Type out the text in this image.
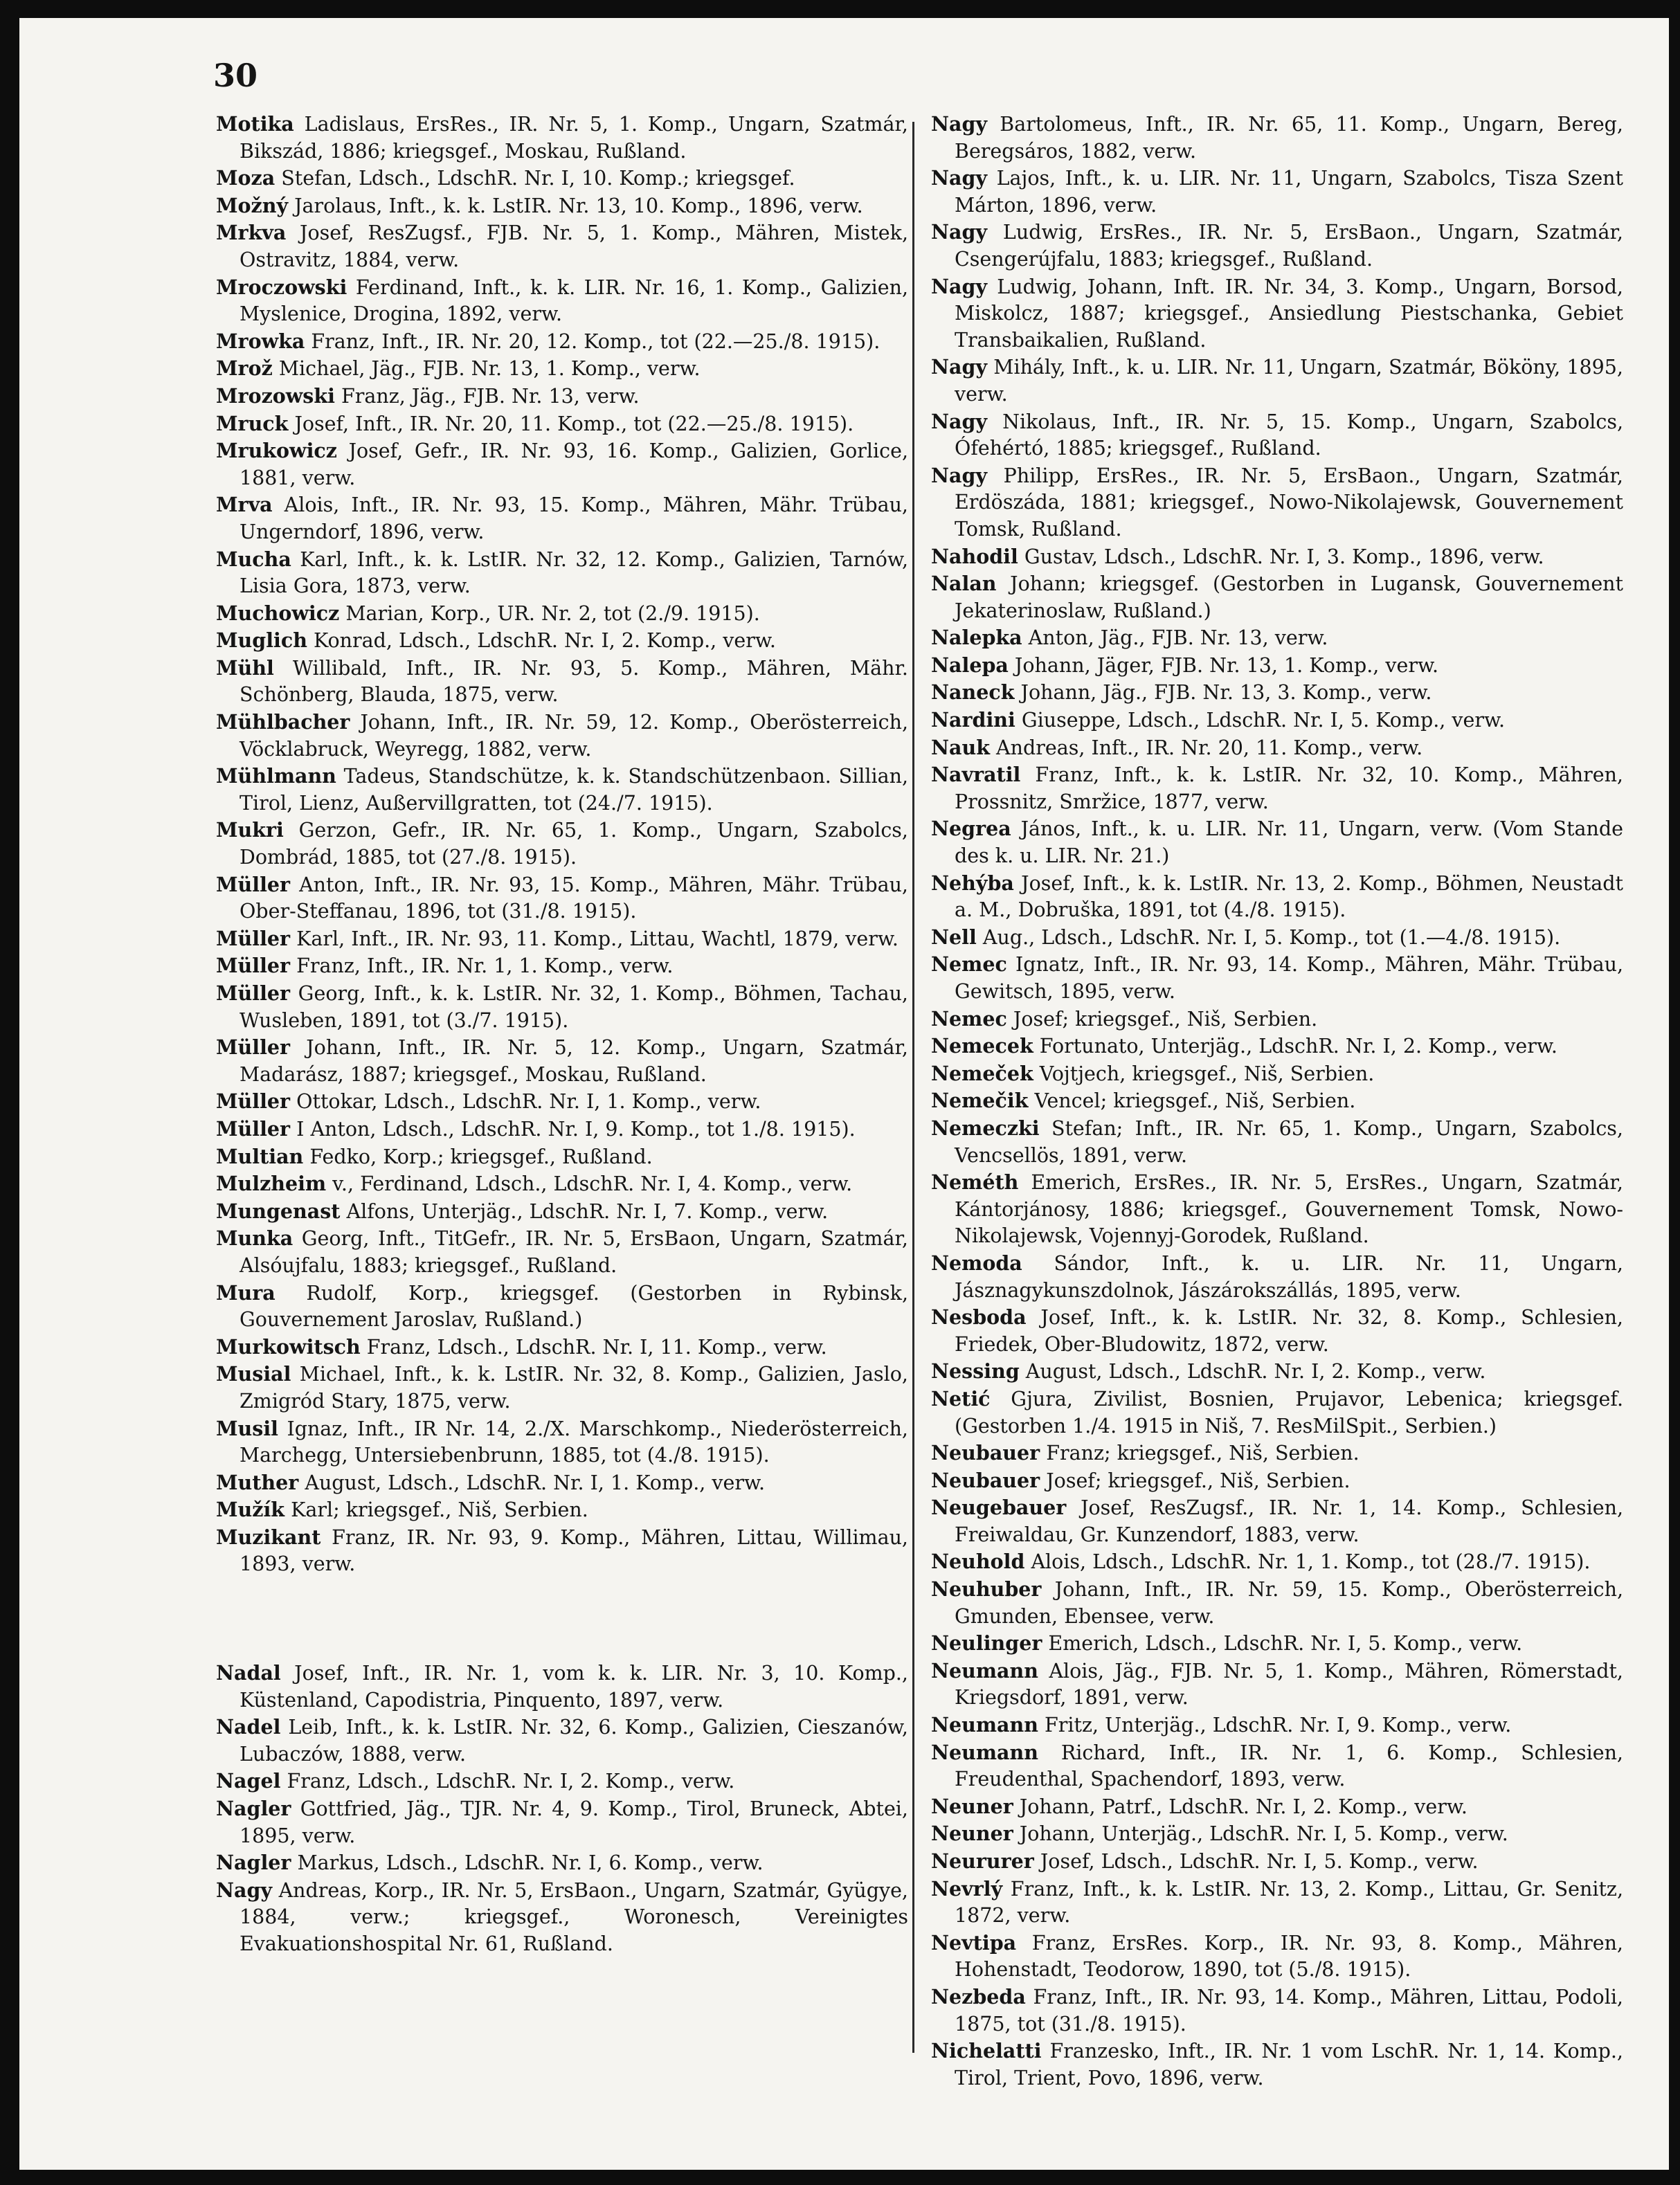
30

Motika Ladislaus, ErsRes., IR. Nr. 5, 1. Komp., Ungarn, Szatmár, Bikszád, 1886; kriegsgef., Moskau, Rußland.

Moza Stefan, Ldsch., LdschR. Nr. I, 10. Komp.; kriegsgef.

Možný Jarolaus, Inft., k. k. LstIR. Nr. 13, 10. Komp., 1896, verw.

Mrkva Josef, ResZugsf., FJB. Nr. 5, 1. Komp., Mähren, Mistek, Ostravitz, 1884, verw.

Mroczowski Ferdinand, Inft., k. k. LIR. Nr. 16, 1. Komp., Galizien, Myslenice, Drogina, 1892, verw.

Mrowka Franz, Inft., IR. Nr. 20, 12. Komp., tot (22.—25./8. 1915).

Mrož Michael, Jäg., FJB. Nr. 13, 1. Komp., verw.

Mrozowski Franz, Jäg., FJB. Nr. 13, verw.

Mruck Josef, Inft., IR. Nr. 20, 11. Komp., tot (22.—25./8. 1915).

Mrukowicz Josef, Gefr., IR. Nr. 93, 16. Komp., Galizien, Gorlice, 1881, verw.

Mrva Alois, Inft., IR. Nr. 93, 15. Komp., Mähren, Mähr. Trübau, Ungerndorf, 1896, verw.

Mucha Karl, Inft., k. k. LstIR. Nr. 32, 12. Komp., Galizien, Tarnów, Lisia Gora, 1873, verw.

Muchowicz Marian, Korp., UR. Nr. 2, tot (2./9. 1915).

Muglich Konrad, Ldsch., LdschR. Nr. I, 2. Komp., verw.

Mühl Willibald, Inft., IR. Nr. 93, 5. Komp., Mähren, Mähr. Schönberg, Blauda, 1875, verw.

Mühlbacher Johann, Inft., IR. Nr. 59, 12. Komp., Oberösterreich, Vöcklabruck, Weyregg, 1882, verw.

Mühlmann Tadeus, Standschütze, k. k. Standschützenbaon. Sillian, Tirol, Lienz, Außervillgratten, tot (24./7. 1915).

Mukri Gerzon, Gefr., IR. Nr. 65, 1. Komp., Ungarn, Szabolcs, Dombrád, 1885, tot (27./8. 1915).

Müller Anton, Inft., IR. Nr. 93, 15. Komp., Mähren, Mähr. Trübau, Ober-Steffanau, 1896, tot (31./8. 1915).

Müller Karl, Inft., IR. Nr. 93, 11. Komp., Littau, Wachtl, 1879, verw.

Müller Franz, Inft., IR. Nr. 1, 1. Komp., verw.

Müller Georg, Inft., k. k. LstIR. Nr. 32, 1. Komp., Böhmen, Tachau, Wusleben, 1891, tot (3./7. 1915).

Müller Johann, Inft., IR. Nr. 5, 12. Komp., Ungarn, Szatmár, Madarász, 1887; kriegsgef., Moskau, Rußland.

Müller Ottokar, Ldsch., LdschR. Nr. I, 1. Komp., verw.

Müller I Anton, Ldsch., LdschR. Nr. I, 9. Komp., tot 1./8. 1915).

Multian Fedko, Korp.; kriegsgef., Rußland.

Mulzheim v., Ferdinand, Ldsch., LdschR. Nr. I, 4. Komp., verw.

Mungenast Alfons, Unterjäg., LdschR. Nr. I, 7. Komp., verw.

Munka Georg, Inft., TitGefr., IR. Nr. 5, ErsBaon, Ungarn, Szatmár, Alsóujfalu, 1883; kriegsgef., Rußland.

Mura Rudolf, Korp., kriegsgef. (Gestorben in Rybinsk, Gouvernement Jaroslav, Rußland.)

Murkowitsch Franz, Ldsch., LdschR. Nr. I, 11. Komp., verw.

Musial Michael, Inft., k. k. LstIR. Nr. 32, 8. Komp., Galizien, Jaslo, Zmigród Stary, 1875, verw.

Musil Ignaz, Inft., IR Nr. 14, 2./X. Marschkomp., Niederösterreich, Marchegg, Untersiebenbrunn, 1885, tot (4./8. 1915).

Muther August, Ldsch., LdschR. Nr. I, 1. Komp., verw.

Mužík Karl; kriegsgef., Niš, Serbien.

Muzikant Franz, IR. Nr. 93, 9. Komp., Mähren, Littau, Willimau, 1893, verw.

Nadal Josef, Inft., IR. Nr. 1, vom k. k. LIR. Nr. 3, 10. Komp., Küstenland, Capodistria, Pinquento, 1897, verw.

Nadel Leib, Inft., k. k. LstIR. Nr. 32, 6. Komp., Galizien, Cieszanów, Lubaczów, 1888, verw.

Nagel Franz, Ldsch., LdschR. Nr. I, 2. Komp., verw.

Nagler Gottfried, Jäg., TJR. Nr. 4, 9. Komp., Tirol, Bruneck, Abtei, 1895, verw.

Nagler Markus, Ldsch., LdschR. Nr. I, 6. Komp., verw.

Nagy Andreas, Korp., IR. Nr. 5, ErsBaon., Ungarn, Szatmár, Gyügye, 1884, verw.; kriegsgef., Woronesch, Vereinigtes Evakuationshospital Nr. 61, Rußland.

Nagy Bartolomeus, Inft., IR. Nr. 65, 11. Komp., Ungarn, Bereg, Beregsáros, 1882, verw.

Nagy Lajos, Inft., k. u. LIR. Nr. 11, Ungarn, Szabolcs, Tisza Szent Márton, 1896, verw.

Nagy Ludwig, ErsRes., IR. Nr. 5, ErsBaon., Ungarn, Szatmár, Csengerújfalu, 1883; kriegsgef., Rußland.

Nagy Ludwig, Johann, Inft. IR. Nr. 34, 3. Komp., Ungarn, Borsod, Miskolcz, 1887; kriegsgef., Ansiedlung Piestschanka, Gebiet Transbaikalien, Rußland.

Nagy Mihály, Inft., k. u. LIR. Nr. 11, Ungarn, Szatmár, Bököny, 1895, verw.

Nagy Nikolaus, Inft., IR. Nr. 5, 15. Komp., Ungarn, Szabolcs, Ófehértó, 1885; kriegsgef., Rußland.

Nagy Philipp, ErsRes., IR. Nr. 5, ErsBaon., Ungarn, Szatmár, Erdöszáda, 1881; kriegsgef., Nowo-Nikolajewsk, Gouvernement Tomsk, Rußland.

Nahodil Gustav, Ldsch., LdschR. Nr. I, 3. Komp., 1896, verw.

Nalan Johann; kriegsgef. (Gestorben in Lugansk, Gouvernement Jekaterinoslaw, Rußland.)

Nalepka Anton, Jäg., FJB. Nr. 13, verw.

Nalepa Johann, Jäger, FJB. Nr. 13, 1. Komp., verw.

Naneck Johann, Jäg., FJB. Nr. 13, 3. Komp., verw.

Nardini Giuseppe, Ldsch., LdschR. Nr. I, 5. Komp., verw.

Nauk Andreas, Inft., IR. Nr. 20, 11. Komp., verw.

Navratil Franz, Inft., k. k. LstIR. Nr. 32, 10. Komp., Mähren, Prossnitz, Smržice, 1877, verw.

Negrea János, Inft., k. u. LIR. Nr. 11, Ungarn, verw. (Vom Stande des k. u. LIR. Nr. 21.)

Nehýba Josef, Inft., k. k. LstIR. Nr. 13, 2. Komp., Böhmen, Neustadt a. M., Dobruška, 1891, tot (4./8. 1915).

Nell Aug., Ldsch., LdschR. Nr. I, 5. Komp., tot (1.—4./8. 1915).

Nemec Ignatz, Inft., IR. Nr. 93, 14. Komp., Mähren, Mähr. Trübau, Gewitsch, 1895, verw.

Nemec Josef; kriegsgef., Niš, Serbien.

Nemecek Fortunato, Unterjäg., LdschR. Nr. I, 2. Komp., verw.

Nemeček Vojtjech, kriegsgef., Niš, Serbien.

Nemečik Vencel; kriegsgef., Niš, Serbien.

Nemeczki Stefan; Inft., IR. Nr. 65, 1. Komp., Ungarn, Szabolcs, Vencsellös, 1891, verw.

Neméth Emerich, ErsRes., IR. Nr. 5, ErsRes., Ungarn, Szatmár, Kántorjánosy, 1886; kriegsgef., Gouvernement Tomsk, Nowo-Nikolajewsk, Vojennyj-Gorodek, Rußland.

Nemoda Sándor, Inft., k. u. LIR. Nr. 11, Ungarn, Jásznagykunszdolnok, Jászárokszállás, 1895, verw.

Nesboda Josef, Inft., k. k. LstIR. Nr. 32, 8. Komp., Schlesien, Friedek, Ober-Bludowitz, 1872, verw.

Nessing August, Ldsch., LdschR. Nr. I, 2. Komp., verw.

Netić Gjura, Zivilist, Bosnien, Prujavor, Lebenica; kriegsgef. (Gestorben 1./4. 1915 in Niš, 7. ResMilSpit., Serbien.)

Neubauer Franz; kriegsgef., Niš, Serbien.

Neubauer Josef; kriegsgef., Niš, Serbien.

Neugebauer Josef, ResZugsf., IR. Nr. 1, 14. Komp., Schlesien, Freiwaldau, Gr. Kunzendorf, 1883, verw.

Neuhold Alois, Ldsch., LdschR. Nr. 1, 1. Komp., tot (28./7. 1915).

Neuhuber Johann, Inft., IR. Nr. 59, 15. Komp., Oberösterreich, Gmunden, Ebensee, verw.

Neulinger Emerich, Ldsch., LdschR. Nr. I, 5. Komp., verw.

Neumann Alois, Jäg., FJB. Nr. 5, 1. Komp., Mähren, Römerstadt, Kriegsdorf, 1891, verw.

Neumann Fritz, Unterjäg., LdschR. Nr. I, 9. Komp., verw.

Neumann Richard, Inft., IR. Nr. 1, 6. Komp., Schlesien, Freudenthal, Spachendorf, 1893, verw.

Neuner Johann, Patrf., LdschR. Nr. I, 2. Komp., verw.

Neuner Johann, Unterjäg., LdschR. Nr. I, 5. Komp., verw.

Neururer Josef, Ldsch., LdschR. Nr. I, 5. Komp., verw.

Nevrlý Franz, Inft., k. k. LstIR. Nr. 13, 2. Komp., Littau, Gr. Senitz, 1872, verw.

Nevtipa Franz, ErsRes. Korp., IR. Nr. 93, 8. Komp., Mähren, Hohenstadt, Teodorow, 1890, tot (5./8. 1915).

Nezbeda Franz, Inft., IR. Nr. 93, 14. Komp., Mähren, Littau, Podoli, 1875, tot (31./8. 1915).

Nichelatti Franzesko, Inft., IR. Nr. 1 vom LschR. Nr. 1, 14. Komp., Tirol, Trient, Povo, 1896, verw.
